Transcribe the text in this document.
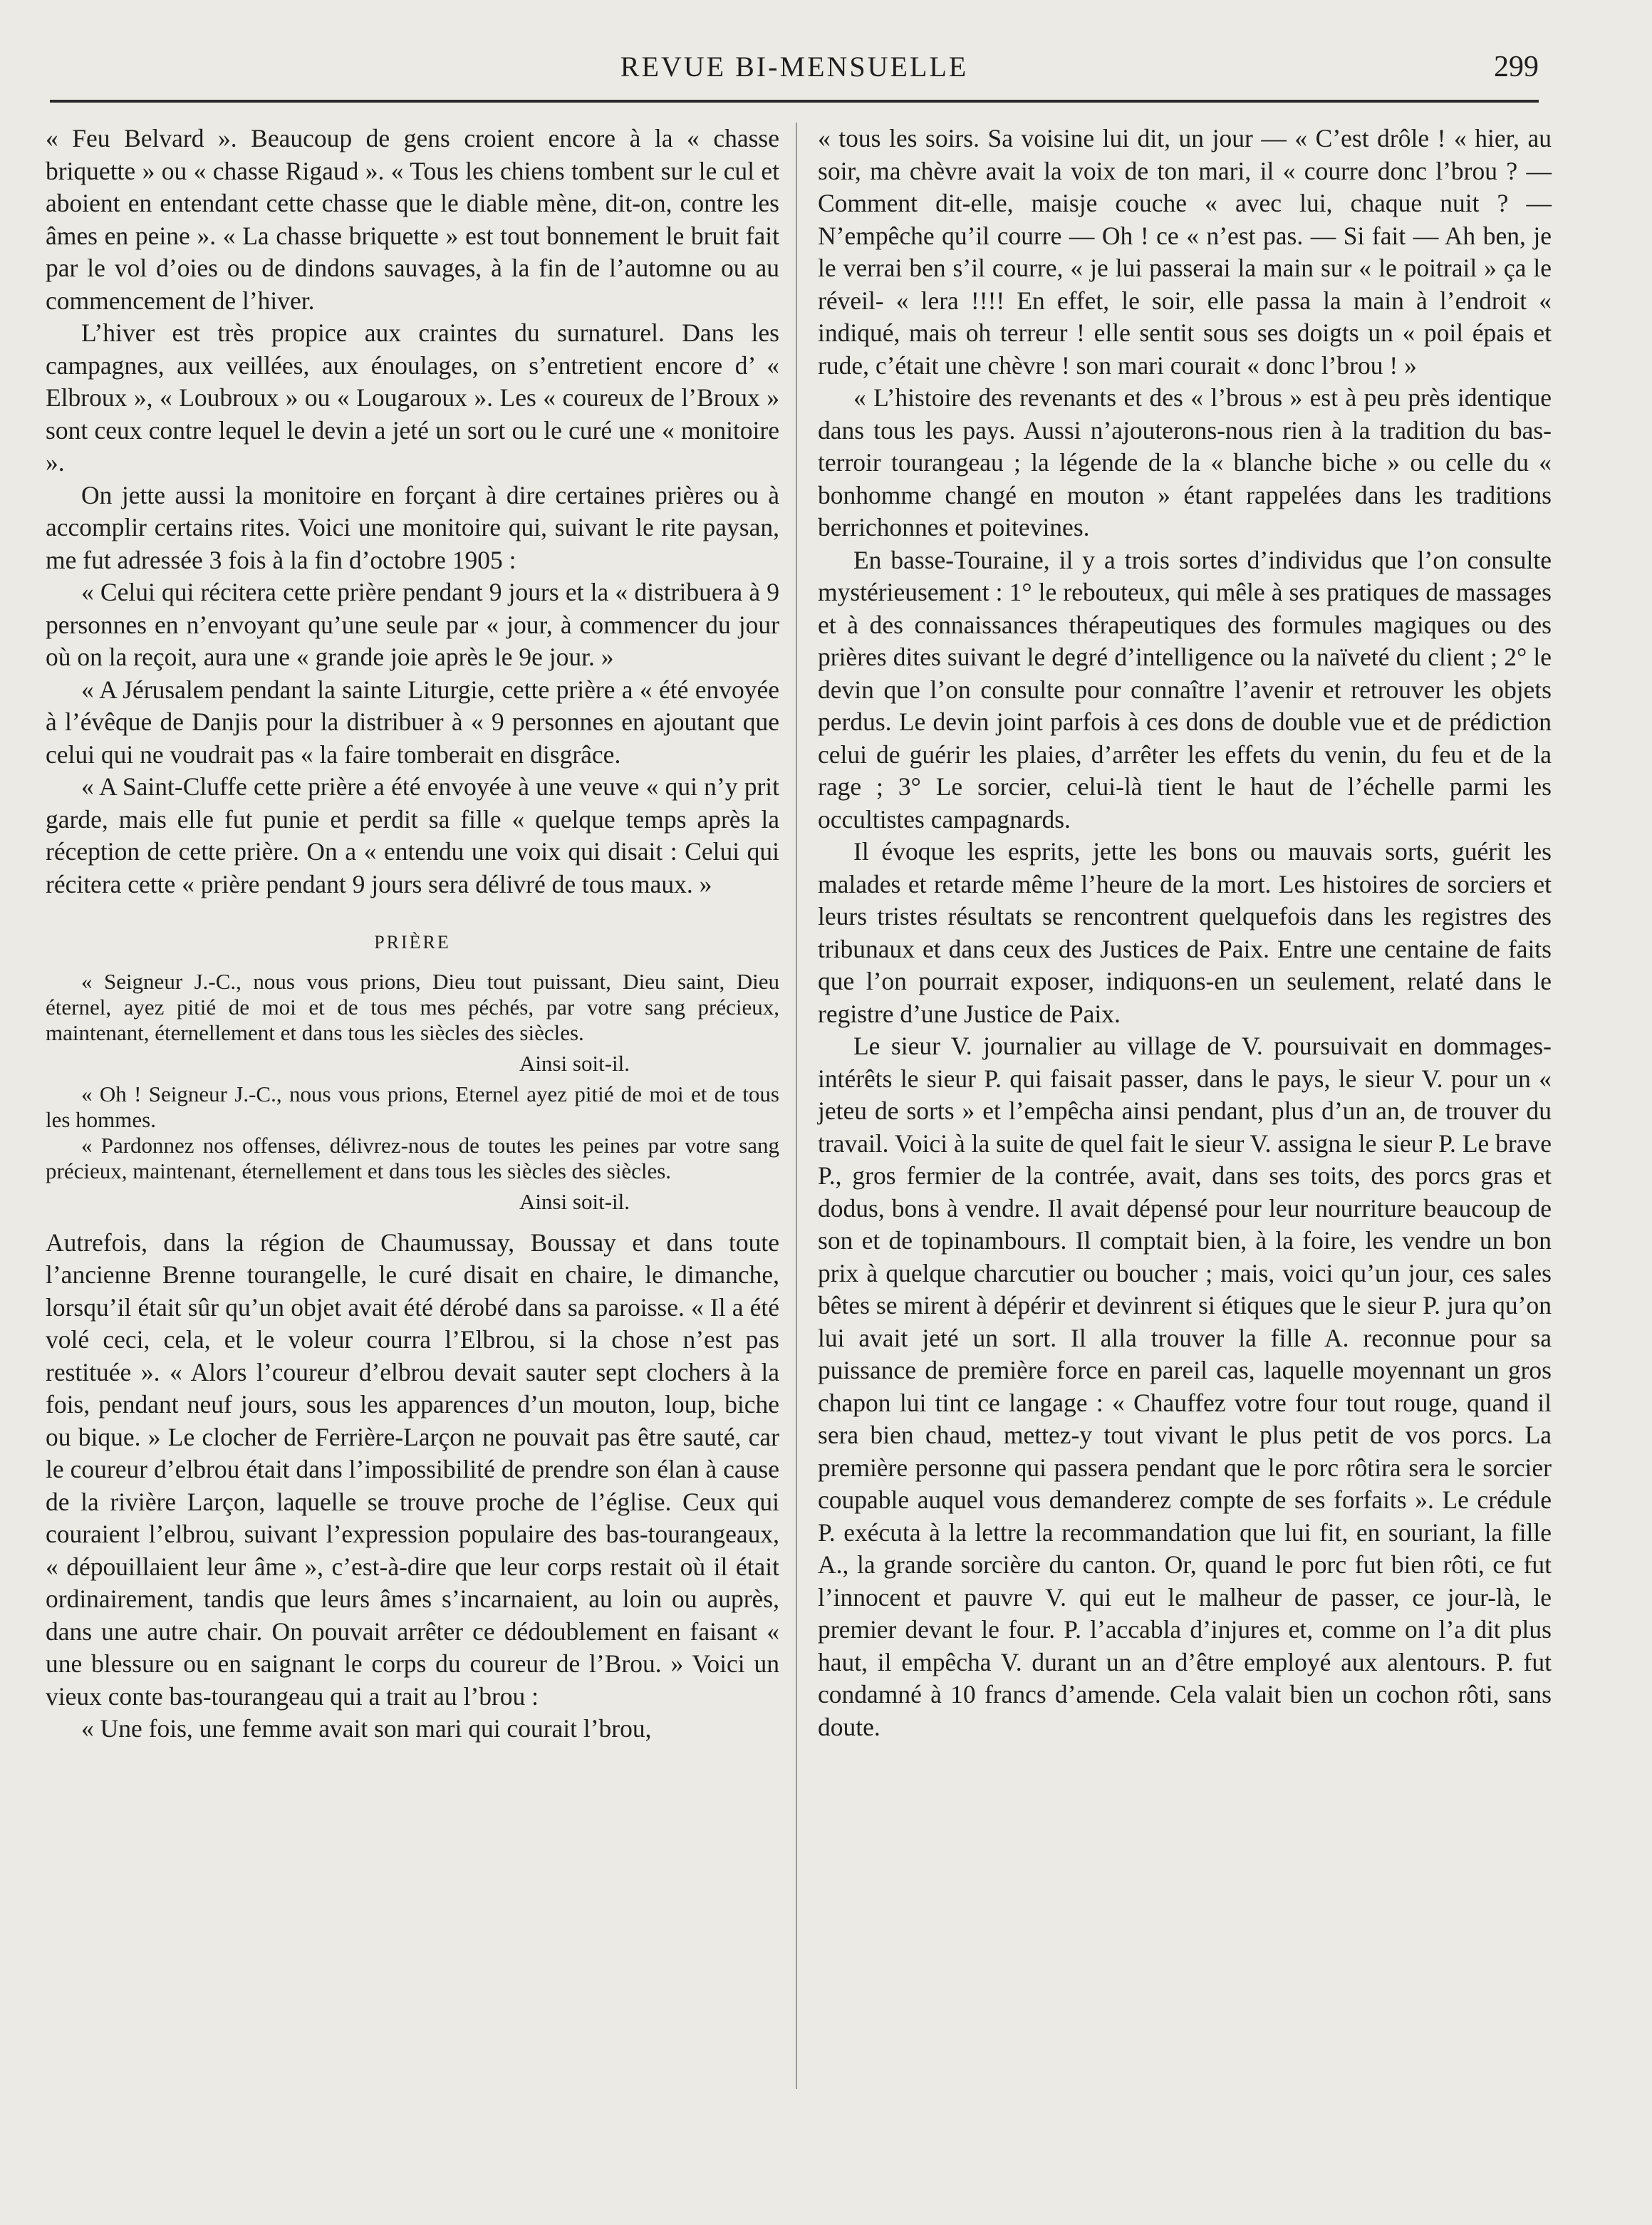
REVUE BI-MENSUELLE	299

« Feu Belvard ». Beaucoup de gens croient encore à la « chasse briquette » ou « chasse Rigaud ». « Tous les chiens tombent sur le cul et aboient en entendant cette chasse que le diable mène, dit-on, contre les âmes en peine ». « La chasse briquette » est tout bonnement le bruit fait par le vol d’oies ou de dindons sauvages, à la fin de l’automne ou au commencement de l’hiver.

L’hiver est très propice aux craintes du surnaturel. Dans les campagnes, aux veillées, aux énoulages, on s’entretient encore d’ « Elbroux », « Loubroux » ou « Lougaroux ». Les « coureux de l’Broux » sont ceux contre lequel le devin a jeté un sort ou le curé une « monitoire ».

On jette aussi la monitoire en forçant à dire certaines prières ou à accomplir certains rites. Voici une monitoire qui, suivant le rite paysan, me fut adressée 3 fois à la fin d’octobre 1905 :

« Celui qui récitera cette prière pendant 9 jours et la « distribuera à 9 personnes en n’envoyant qu’une seule par « jour, à commencer du jour où on la reçoit, aura une « grande joie après le 9e jour. »

« A Jérusalem pendant la sainte Liturgie, cette prière a « été envoyée à l’évêque de Danjis pour la distribuer à « 9 personnes en ajoutant que celui qui ne voudrait pas « la faire tomberait en disgrâce.

« A Saint-Cluffe cette prière a été envoyée à une veuve « qui n’y prit garde, mais elle fut punie et perdit sa fille « quelque temps après la réception de cette prière. On a « entendu une voix qui disait : Celui qui récitera cette « prière pendant 9 jours sera délivré de tous maux. »

PRIÈRE

« Seigneur J.-C., nous vous prions, Dieu tout puissant, Dieu saint, Dieu éternel, ayez pitié de moi et de tous mes péchés, par votre sang précieux, maintenant, éternellement et dans tous les siècles des siècles.

Ainsi soit-il.

« Oh ! Seigneur J.-C., nous vous prions, Eternel ayez pitié de moi et de tous les hommes.

« Pardonnez nos offenses, délivrez-nous de toutes les peines par votre sang précieux, maintenant, éternellement et dans tous les siècles des siècles.

Ainsi soit-il.

Autrefois, dans la région de Chaumussay, Boussay et dans toute l’ancienne Brenne tourangelle, le curé disait en chaire, le dimanche, lorsqu’il était sûr qu’un objet avait été dérobé dans sa paroisse. « Il a été volé ceci, cela, et le voleur courra l’Elbrou, si la chose n’est pas restituée ». « Alors l’coureur d’elbrou devait sauter sept clochers à la fois, pendant neuf jours, sous les apparences d’un mouton, loup, biche ou bique. » Le clocher de Ferrière-Larçon ne pouvait pas être sauté, car le coureur d’elbrou était dans l’impossibilité de prendre son élan à cause de la rivière Larçon, laquelle se trouve proche de l’église. Ceux qui couraient l’elbrou, suivant l’expression populaire des bas-tourangeaux, « dépouillaient leur âme », c’est-à-dire que leur corps restait où il était ordinairement, tandis que leurs âmes s’incarnaient, au loin ou auprès, dans une autre chair. On pouvait arrêter ce dédoublement en faisant « une blessure ou en saignant le corps du coureur de l’Brou. » Voici un vieux conte bas-tourangeau qui a trait au l’brou :

« Une fois, une femme avait son mari qui courait l’brou,

« tous les soirs. Sa voisine lui dit, un jour — « C’est drôle ! « hier, au soir, ma chèvre avait la voix de ton mari, il « courre donc l’brou ? — Comment dit-elle, maisje couche « avec lui, chaque nuit ? — N’empêche qu’il courre — Oh ! ce « n’est pas. — Si fait — Ah ben, je le verrai ben s’il courre, « je lui passerai la main sur « le poitrail » ça le réveil- « lera !!!! En effet, le soir, elle passa la main à l’endroit « indiqué, mais oh terreur ! elle sentit sous ses doigts un « poil épais et rude, c’était une chèvre ! son mari courait « donc l’brou ! »

« L’histoire des revenants et des « l’brous » est à peu près identique dans tous les pays. Aussi n’ajouterons-nous rien à la tradition du bas-terroir tourangeau ; la légende de la « blanche biche » ou celle du « bonhomme changé en mouton » étant rappelées dans les traditions berrichonnes et poitevines.

En basse-Touraine, il y a trois sortes d’individus que l’on consulte mystérieusement : 1° le rebouteux, qui mêle à ses pratiques de massages et à des connaissances thérapeutiques des formules magiques ou des prières dites suivant le degré d’intelligence ou la naïveté du client ; 2° le devin que l’on consulte pour connaître l’avenir et retrouver les objets perdus. Le devin joint parfois à ces dons de double vue et de prédiction celui de guérir les plaies, d’arrêter les effets du venin, du feu et de la rage ; 3° Le sorcier, celui-là tient le haut de l’échelle parmi les occultistes campagnards.

Il évoque les esprits, jette les bons ou mauvais sorts, guérit les malades et retarde même l’heure de la mort. Les histoires de sorciers et leurs tristes résultats se rencontrent quelquefois dans les registres des tribunaux et dans ceux des Justices de Paix. Entre une centaine de faits que l’on pourrait exposer, indiquons-en un seulement, relaté dans le registre d’une Justice de Paix.

Le sieur V. journalier au village de V. poursuivait en dommages-intérêts le sieur P. qui faisait passer, dans le pays, le sieur V. pour un « jeteu de sorts » et l’empêcha ainsi pendant, plus d’un an, de trouver du travail. Voici à la suite de quel fait le sieur V. assigna le sieur P. Le brave P., gros fermier de la contrée, avait, dans ses toits, des porcs gras et dodus, bons à vendre. Il avait dépensé pour leur nourriture beaucoup de son et de topinambours. Il comptait bien, à la foire, les vendre un bon prix à quelque charcutier ou boucher ; mais, voici qu’un jour, ces sales bêtes se mirent à dépérir et devinrent si étiques que le sieur P. jura qu’on lui avait jeté un sort. Il alla trouver la fille A. reconnue pour sa puissance de première force en pareil cas, laquelle moyennant un gros chapon lui tint ce langage : « Chauffez votre four tout rouge, quand il sera bien chaud, mettez-y tout vivant le plus petit de vos porcs. La première personne qui passera pendant que le porc rôtira sera le sorcier coupable auquel vous demanderez compte de ses forfaits ». Le crédule P. exécuta à la lettre la recommandation que lui fit, en souriant, la fille A., la grande sorcière du canton. Or, quand le porc fut bien rôti, ce fut l’innocent et pauvre V. qui eut le malheur de passer, ce jour-là, le premier devant le four. P. l’accabla d’injures et, comme on l’a dit plus haut, il empêcha V. durant un an d’être employé aux alentours. P. fut condamné à 10 francs d’amende. Cela valait bien un cochon rôti, sans doute.
